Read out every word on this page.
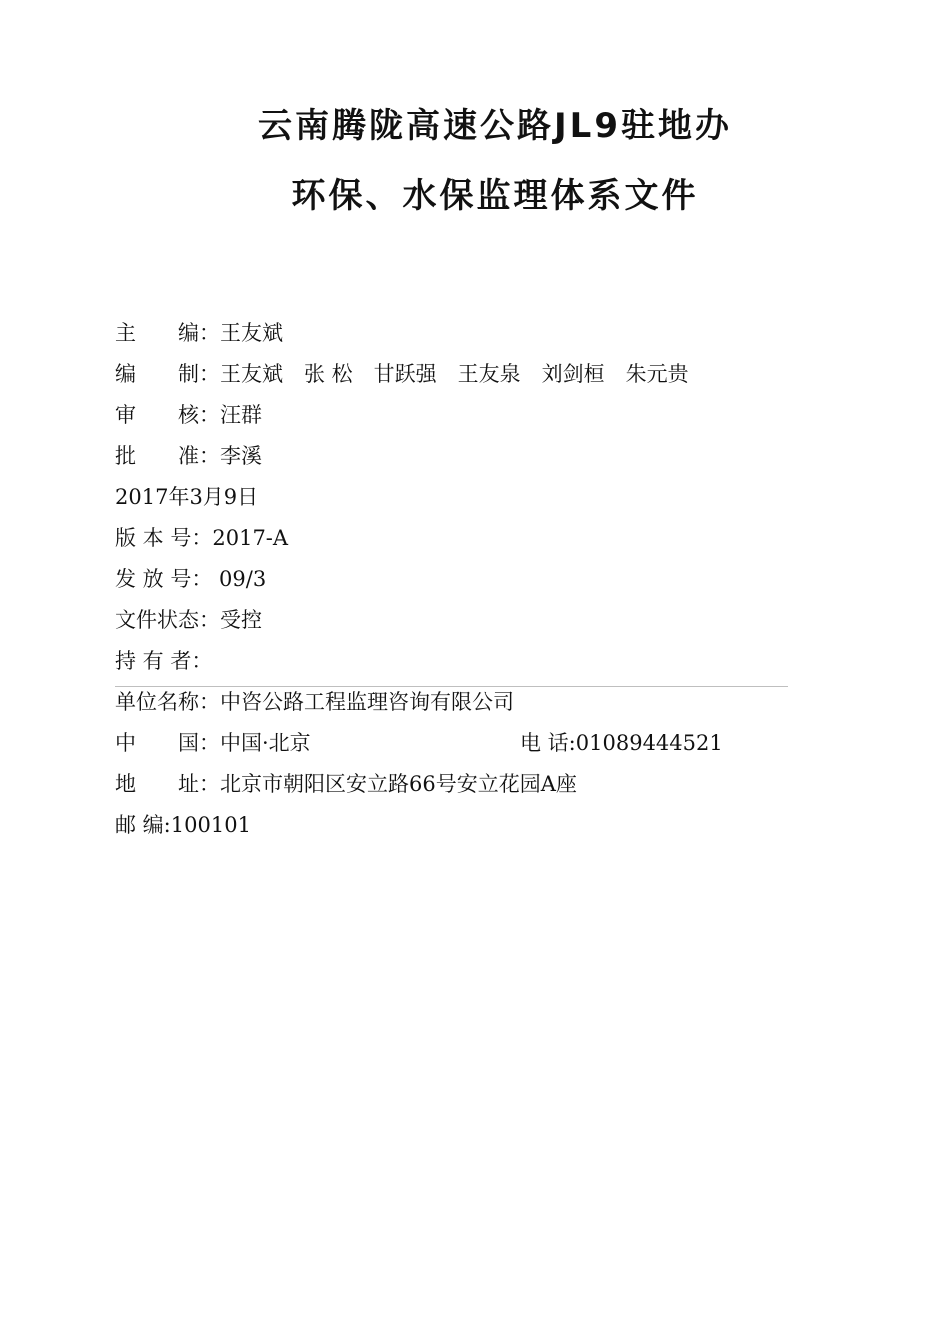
云南腾陇高速公路JL9驻地办
环保、水保监理体系文件
主　　编：王友斌
编　　制：王友斌　张 松　甘跃强　王友泉　刘剑桓　朱元贵
审　　核：汪群
批　　准：李溪
2017年3月9日
版 本 号：2017-A
发 放 号： 09/3
文件状态：受控
持 有 者：
单位名称：中咨公路工程监理咨询有限公司
中　　国：中国·北京	电 话:01089444521
地　　址：北京市朝阳区安立路66号安立花园A座
邮 编:100101
